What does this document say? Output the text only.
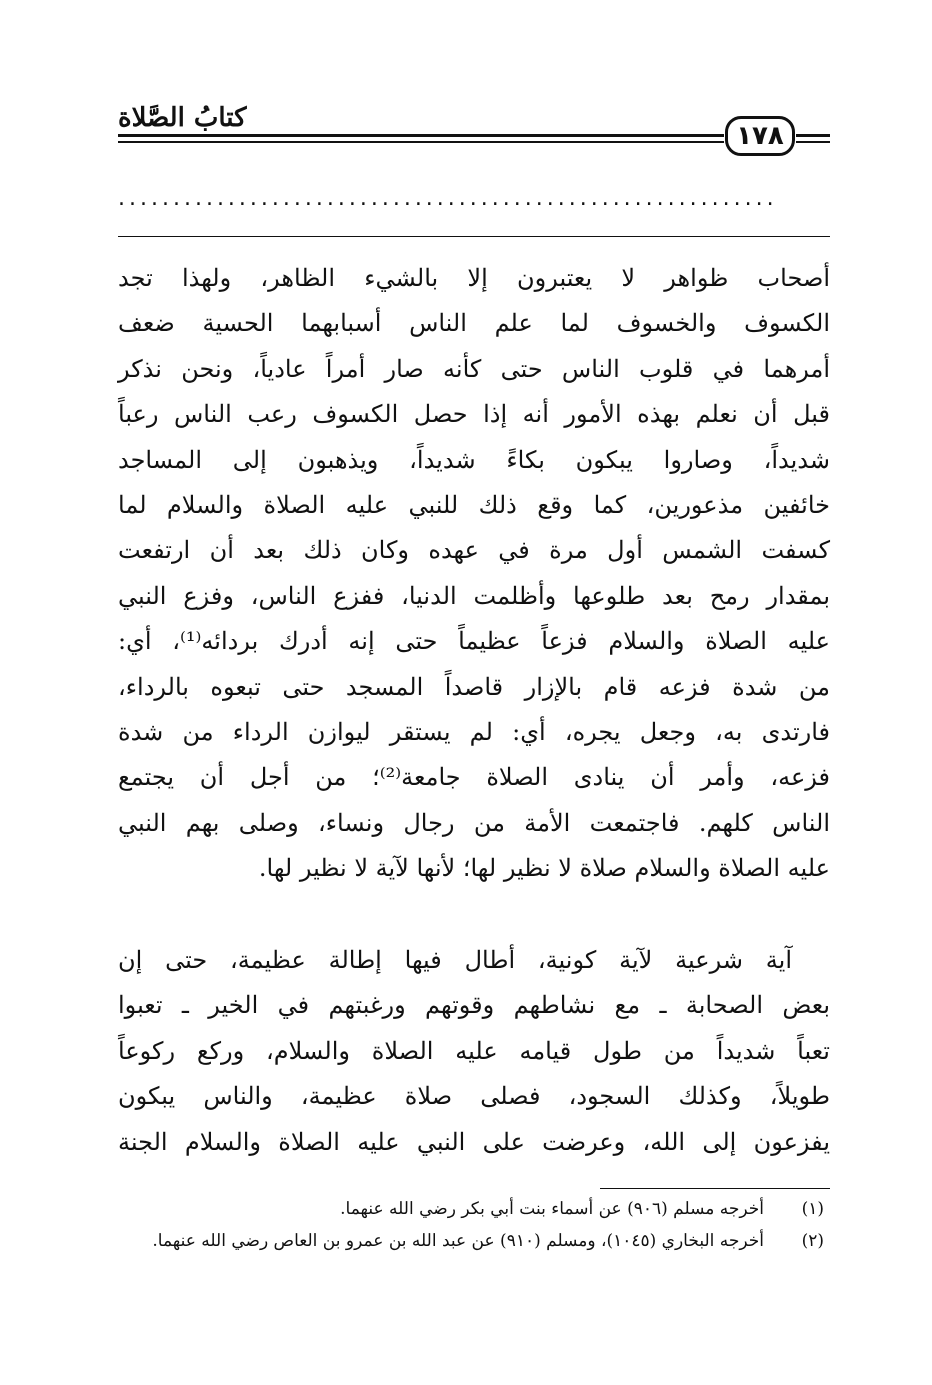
كتابُ الصَّلاة
١٧٨
............................................................
أصحاب ظواهر لا يعتبرون إلا بالشيء الظاهر، ولهذا تجد
الكسوف والخسوف لما علم الناس أسبابهما الحسية ضعف
أمرهما في قلوب الناس حتى كأنه صار أمراً عادياً، ونحن نذكر
قبل أن نعلم بهذه الأمور أنه إذا حصل الكسوف رعب الناس رعباً
شديداً، وصاروا يبكون بكاءً شديداً، ويذهبون إلى المساجد
خائفين مذعورين، كما وقع ذلك للنبي عليه الصلاة والسلام لما
كسفت الشمس أول مرة في عهده وكان ذلك بعد أن ارتفعت
بمقدار رمح بعد طلوعها وأظلمت الدنيا، ففزع الناس، وفزع النبي
عليه الصلاة والسلام فزعاً عظيماً حتى إنه أدرك بردائه⁽¹⁾، أي:
من شدة فزعه قام بالإزار قاصداً المسجد حتى تبعوه بالرداء،
فارتدى به، وجعل يجره، أي: لم يستقر ليوازن الرداء من شدة
فزعه، وأمر أن ينادى الصلاة جامعة⁽²⁾؛ من أجل أن يجتمع
الناس كلهم. فاجتمعت الأمة من رجال ونساء، وصلى بهم النبي
عليه الصلاة والسلام صلاة لا نظير لها؛ لأنها لآية لا نظير لها.
آية شرعية لآية كونية، أطال فيها إطالة عظيمة، حتى إن
بعض الصحابة ـ مع نشاطهم وقوتهم ورغبتهم في الخير ـ تعبوا
تعباً شديداً من طول قيامه عليه الصلاة والسلام، وركع ركوعاً
طويلاً، وكذلك السجود، فصلى صلاة عظيمة، والناس يبكون
يفزعون إلى الله، وعرضت على النبي عليه الصلاة والسلام الجنة
(١)
أخرجه مسلم (٩٠٦) عن أسماء بنت أبي بكر رضي الله عنهما.
(٢)
أخرجه البخاري (١٠٤٥)، ومسلم (٩١٠) عن عبد الله بن عمرو بن العاص رضي الله عنهما.
